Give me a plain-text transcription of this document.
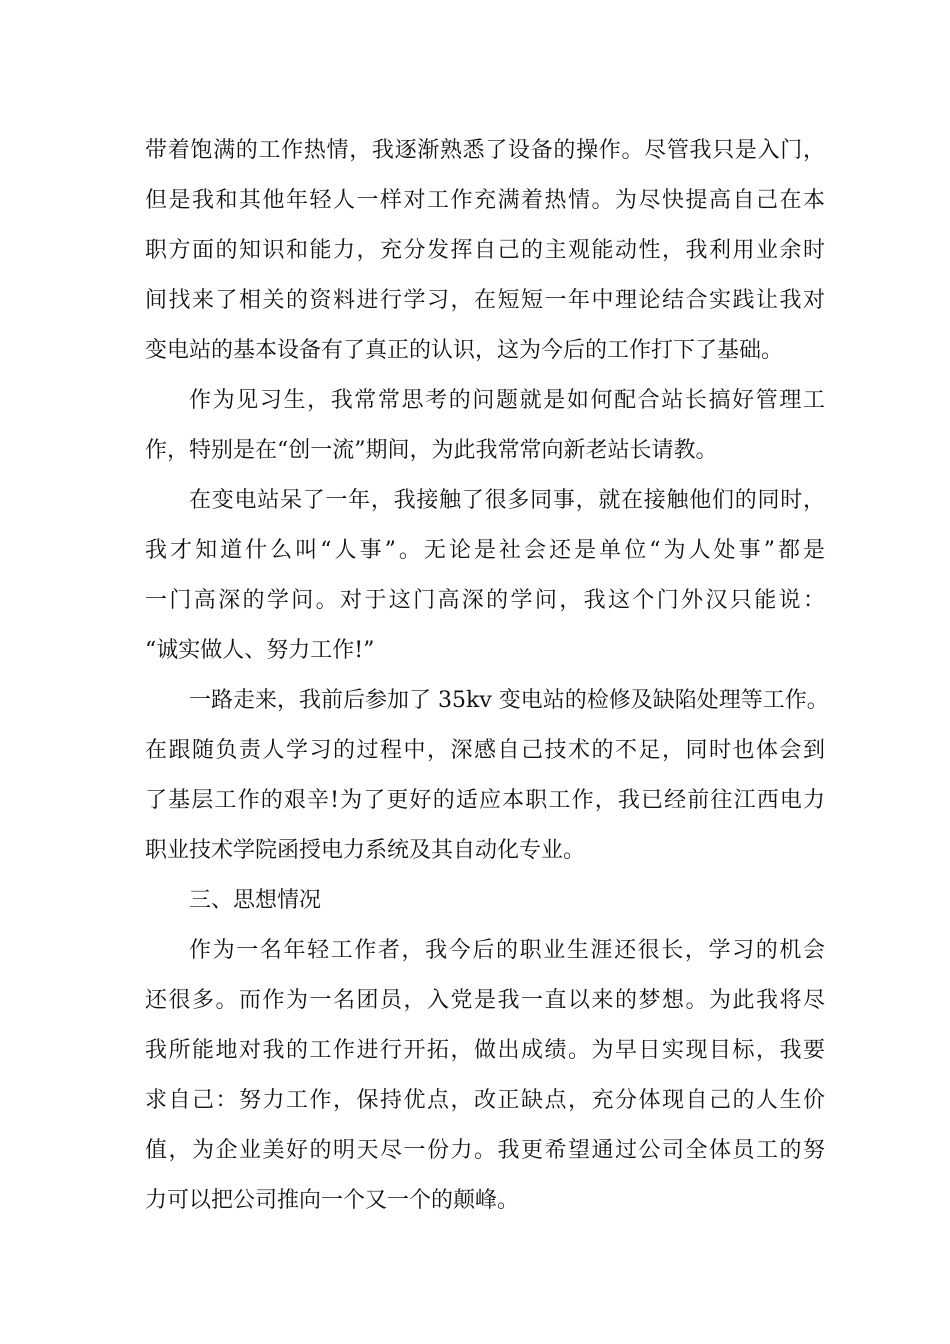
带着饱满的工作热情，我逐渐熟悉了设备的操作。尽管我只是入门，
但是我和其他年轻人一样对工作充满着热情。为尽快提高自己在本
职方面的知识和能力，充分发挥自己的主观能动性，我利用业余时
间找来了相关的资料进行学习，在短短一年中理论结合实践让我对
变电站的基本设备有了真正的认识，这为今后的工作打下了基础。
作为见习生，我常常思考的问题就是如何配合站长搞好管理工
作，特别是在“创一流”期间，为此我常常向新老站长请教。
在变电站呆了一年，我接触了很多同事，就在接触他们的同时，
我才知道什么叫“人事”。无论是社会还是单位“为人处事”都是
一门高深的学问。对于这门高深的学问，我这个门外汉只能说：
“诚实做人、努力工作!”
一路走来，我前后参加了 35kv 变电站的检修及缺陷处理等工作。
在跟随负责人学习的过程中，深感自己技术的不足，同时也体会到
了基层工作的艰辛!为了更好的适应本职工作，我已经前往江西电力
职业技术学院函授电力系统及其自动化专业。
三、思想情况
作为一名年轻工作者，我今后的职业生涯还很长，学习的机会
还很多。而作为一名团员，入党是我一直以来的梦想。为此我将尽
我所能地对我的工作进行开拓，做出成绩。为早日实现目标，我要
求自己：努力工作，保持优点，改正缺点，充分体现自己的人生价
值，为企业美好的明天尽一份力。我更希望通过公司全体员工的努
力可以把公司推向一个又一个的颠峰。
